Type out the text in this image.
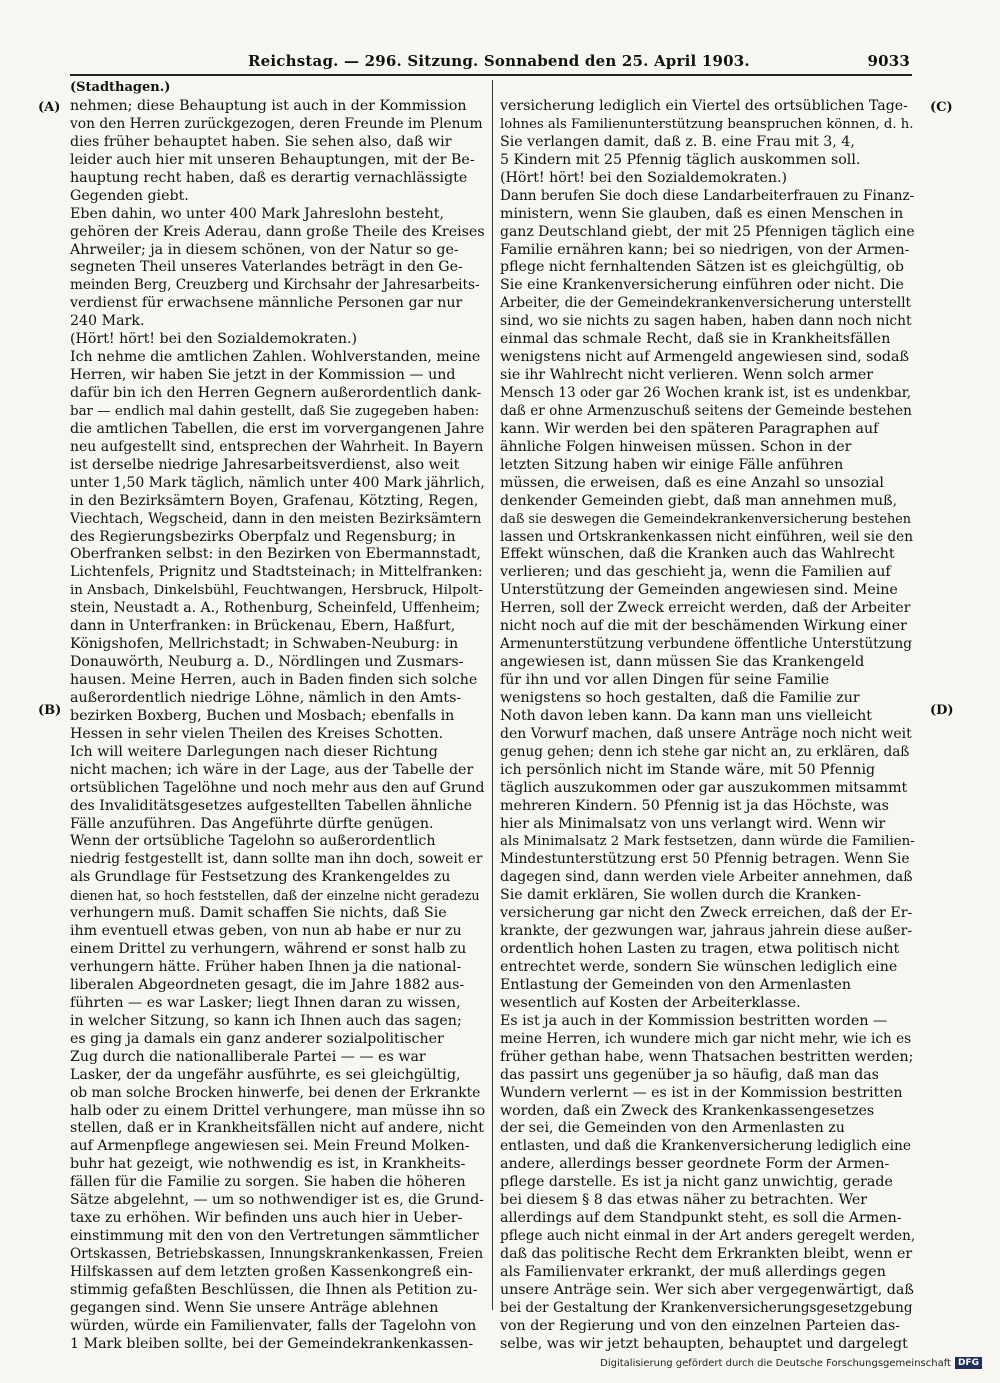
Reichstag. — 296. Sitzung. Sonnabend den 25. April 1903.	9033
(Stadthagen.)
(A)
(B)
(C)
(D)
nehmen; diese Behauptung ist auch in der Kommission
von den Herren zurückgezogen, deren Freunde im Plenum
dies früher behauptet haben. Sie sehen also, daß wir
leider auch hier mit unseren Behauptungen, mit der Be-
hauptung recht haben, daß es derartig vernachlässigte
Gegenden giebt.
Eben dahin, wo unter 400 Mark Jahreslohn besteht,
gehören der Kreis Aderau, dann große Theile des Kreises
Ahrweiler; ja in diesem schönen, von der Natur so ge-
segneten Theil unseres Vaterlandes beträgt in den Ge-
meinden Berg, Creuzberg und Kirchsahr der Jahresarbeits-
verdienst für erwachsene männliche Personen gar nur
240 Mark.
(Hört! hört! bei den Sozialdemokraten.)
Ich nehme die amtlichen Zahlen. Wohlverstanden, meine
Herren, wir haben Sie jetzt in der Kommission — und
dafür bin ich den Herren Gegnern außerordentlich dank-
bar — endlich mal dahin gestellt, daß Sie zugegeben haben:
die amtlichen Tabellen, die erst im vorvergangenen Jahre
neu aufgestellt sind, entsprechen der Wahrheit. In Bayern
ist derselbe niedrige Jahresarbeitsverdienst, also weit
unter 1,50 Mark täglich, nämlich unter 400 Mark jährlich,
in den Bezirksämtern Boyen, Grafenau, Kötzting, Regen,
Viechtach, Wegscheid, dann in den meisten Bezirksämtern
des Regierungsbezirks Oberpfalz und Regensburg; in
Oberfranken selbst: in den Bezirken von Ebermannstadt,
Lichtenfels, Prignitz und Stadtsteinach; in Mittelfranken:
in Ansbach, Dinkelsbühl, Feuchtwangen, Hersbruck, Hilpolt-
stein, Neustadt a. A., Rothenburg, Scheinfeld, Uffenheim;
dann in Unterfranken: in Brückenau, Ebern, Haßfurt,
Königshofen, Mellrichstadt; in Schwaben-Neuburg: in
Donauwörth, Neuburg a. D., Nördlingen und Zusmars-
hausen. Meine Herren, auch in Baden finden sich solche
außerordentlich niedrige Löhne, nämlich in den Amts-
bezirken Boxberg, Buchen und Mosbach; ebenfalls in
Hessen in sehr vielen Theilen des Kreises Schotten.
Ich will weitere Darlegungen nach dieser Richtung
nicht machen; ich wäre in der Lage, aus der Tabelle der
ortsüblichen Tagelöhne und noch mehr aus den auf Grund
des Invaliditätsgesetzes aufgestellten Tabellen ähnliche
Fälle anzuführen. Das Angeführte dürfte genügen.
Wenn der ortsübliche Tagelohn so außerordentlich
niedrig festgestellt ist, dann sollte man ihn doch, soweit er
als Grundlage für Festsetzung des Krankengeldes zu
dienen hat, so hoch feststellen, daß der einzelne nicht geradezu
verhungern muß. Damit schaffen Sie nichts, daß Sie
ihm eventuell etwas geben, von nun ab habe er nur zu
einem Drittel zu verhungern, während er sonst halb zu
verhungern hätte. Früher haben Ihnen ja die national-
liberalen Abgeordneten gesagt, die im Jahre 1882 aus-
führten — es war Lasker; liegt Ihnen daran zu wissen,
in welcher Sitzung, so kann ich Ihnen auch das sagen;
es ging ja damals ein ganz anderer sozialpolitischer
Zug durch die nationalliberale Partei — — es war
Lasker, der da ungefähr ausführte, es sei gleichgültig,
ob man solche Brocken hinwerfe, bei denen der Erkrankte
halb oder zu einem Drittel verhungere, man müsse ihn so
stellen, daß er in Krankheitsfällen nicht auf andere, nicht
auf Armenpflege angewiesen sei. Mein Freund Molken-
buhr hat gezeigt, wie nothwendig es ist, in Krankheits-
fällen für die Familie zu sorgen. Sie haben die höheren
Sätze abgelehnt, — um so nothwendiger ist es, die Grund-
taxe zu erhöhen. Wir befinden uns auch hier in Ueber-
einstimmung mit den von den Vertretungen sämmtlicher
Ortskassen, Betriebskassen, Innungskrankenkassen, Freien
Hilfskassen auf dem letzten großen Kassenkongreß ein-
stimmig gefaßten Beschlüssen, die Ihnen als Petition zu-
gegangen sind. Wenn Sie unsere Anträge ablehnen
würden, würde ein Familienvater, falls der Tagelohn von
1 Mark bleiben sollte, bei der Gemeindekrankenkassen-
versicherung lediglich ein Viertel des ortsüblichen Tage-
lohnes als Familienunterstützung beanspruchen können, d. h.
Sie verlangen damit, daß z. B. eine Frau mit 3, 4,
5 Kindern mit 25 Pfennig täglich auskommen soll.
(Hört! hört! bei den Sozialdemokraten.)
Dann berufen Sie doch diese Landarbeiterfrauen zu Finanz-
ministern, wenn Sie glauben, daß es einen Menschen in
ganz Deutschland giebt, der mit 25 Pfennigen täglich eine
Familie ernähren kann; bei so niedrigen, von der Armen-
pflege nicht fernhaltenden Sätzen ist es gleichgültig, ob
Sie eine Krankenversicherung einführen oder nicht. Die
Arbeiter, die der Gemeindekrankenversicherung unterstellt
sind, wo sie nichts zu sagen haben, haben dann noch nicht
einmal das schmale Recht, daß sie in Krankheitsfällen
wenigstens nicht auf Armengeld angewiesen sind, sodaß
sie ihr Wahlrecht nicht verlieren. Wenn solch armer
Mensch 13 oder gar 26 Wochen krank ist, ist es undenkbar,
daß er ohne Armenzuschuß seitens der Gemeinde bestehen
kann. Wir werden bei den späteren Paragraphen auf
ähnliche Folgen hinweisen müssen. Schon in der
letzten Sitzung haben wir einige Fälle anführen
müssen, die erweisen, daß es eine Anzahl so unsozial
denkender Gemeinden giebt, daß man annehmen muß,
daß sie deswegen die Gemeindekrankenversicherung bestehen
lassen und Ortskrankenkassen nicht einführen, weil sie den
Effekt wünschen, daß die Kranken auch das Wahlrecht
verlieren; und das geschieht ja, wenn die Familien auf
Unterstützung der Gemeinden angewiesen sind. Meine
Herren, soll der Zweck erreicht werden, daß der Arbeiter
nicht noch auf die mit der beschämenden Wirkung einer
Armenunterstützung verbundene öffentliche Unterstützung
angewiesen ist, dann müssen Sie das Krankengeld
für ihn und vor allen Dingen für seine Familie
wenigstens so hoch gestalten, daß die Familie zur
Noth davon leben kann. Da kann man uns vielleicht
den Vorwurf machen, daß unsere Anträge noch nicht weit
genug gehen; denn ich stehe gar nicht an, zu erklären, daß
ich persönlich nicht im Stande wäre, mit 50 Pfennig
täglich auszukommen oder gar auszukommen mitsammt
mehreren Kindern. 50 Pfennig ist ja das Höchste, was
hier als Minimalsatz von uns verlangt wird. Wenn wir
als Minimalsatz 2 Mark festsetzen, dann würde die Familien-
Mindestunterstützung erst 50 Pfennig betragen. Wenn Sie
dagegen sind, dann werden viele Arbeiter annehmen, daß
Sie damit erklären, Sie wollen durch die Kranken-
versicherung gar nicht den Zweck erreichen, daß der Er-
krankte, der gezwungen war, jahraus jahrein diese außer-
ordentlich hohen Lasten zu tragen, etwa politisch nicht
entrechtet werde, sondern Sie wünschen lediglich eine
Entlastung der Gemeinden von den Armenlasten
wesentlich auf Kosten der Arbeiterklasse.
Es ist ja auch in der Kommission bestritten worden —
meine Herren, ich wundere mich gar nicht mehr, wie ich es
früher gethan habe, wenn Thatsachen bestritten werden;
das passirt uns gegenüber ja so häufig, daß man das
Wundern verlernt — es ist in der Kommission bestritten
worden, daß ein Zweck des Krankenkassengesetzes
der sei, die Gemeinden von den Armenlasten zu
entlasten, und daß die Krankenversicherung lediglich eine
andere, allerdings besser geordnete Form der Armen-
pflege darstelle. Es ist ja nicht ganz unwichtig, gerade
bei diesem § 8 das etwas näher zu betrachten. Wer
allerdings auf dem Standpunkt steht, es soll die Armen-
pflege auch nicht einmal in der Art anders geregelt werden,
daß das politische Recht dem Erkrankten bleibt, wenn er
als Familienvater erkrankt, der muß allerdings gegen
unsere Anträge sein. Wer sich aber vergegenwärtigt, daß
bei der Gestaltung der Krankenversicherungsgesetzgebung
von der Regierung und von den einzelnen Parteien das-
selbe, was wir jetzt behaupten, behauptet und dargelegt
Digitalisierung gefördert durch die Deutsche Forschungsgemeinschaft DFG
